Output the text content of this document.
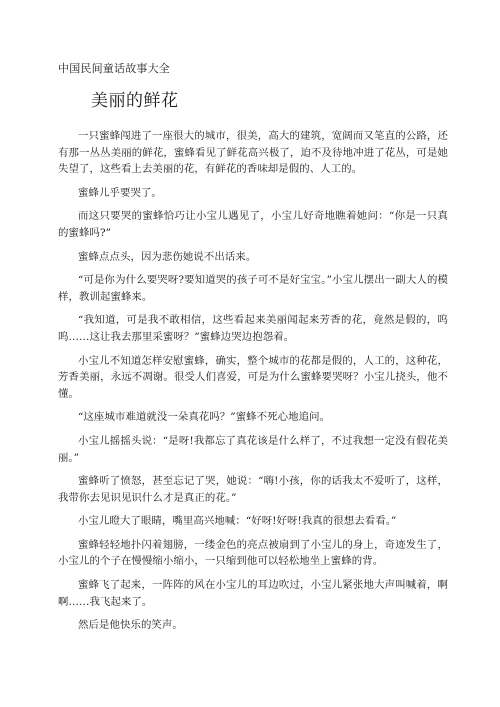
中国民间童话故事大全
美丽的鲜花

一只蜜蜂闯进了一座很大的城市，很美，高大的建筑，宽阔而又笔直的公路，还有那一丛丛美丽的鲜花，蜜蜂看见了鲜花高兴极了，迫不及待地冲进了花丛，可是她失望了，这些看上去美丽的花，有鲜花的香味却是假的、人工的。

蜜蜂儿乎要哭了。

而这只要哭的蜜蜂恰巧让小宝儿遇见了，小宝儿好奇地瞧着她问：“你是一只真的蜜蜂吗?”

蜜蜂点点头，因为悲伤她说不出话来。

“可是你为什么要哭呀?要知道哭的孩子可不是好宝宝。”小宝儿摆出一副大人的模样，教训起蜜蜂来。

“我知道，可是我不敢相信，这些看起来美丽闻起来芳香的花，竟然是假的，呜呜……这让我去那里采蜜呀？”蜜蜂边哭边抱怨着。

小宝儿不知道怎样安慰蜜蜂，确实，整个城市的花都是假的，人工的，这种花，芳香美丽，永远不凋谢。很受人们喜爱，可是为什么蜜蜂要哭呀？小宝儿挠头，他不懂。

“这座城市难道就没一朵真花吗？”蜜蜂不死心地追问。

小宝儿摇摇头说：“是呀!我都忘了真花该是什么样了，不过我想一定没有假花美丽。”

蜜蜂听了愤怒，甚至忘记了哭，她说：“嗨!小孩，你的话我太不爱听了，这样，我带你去见识见识什么才是真正的花。”

小宝儿瞪大了眼睛，嘴里高兴地喊：“好呀!好呀!我真的很想去看看。”

蜜蜂轻轻地扑闪着翅膀，一缕金色的亮点被扇到了小宝儿的身上，奇迹发生了，小宝儿的个子在慢慢缩小缩小，一只缩到他可以轻松地坐上蜜蜂的背。

蜜蜂飞了起来，一阵阵的风在小宝儿的耳边吹过，小宝儿紧张地大声叫喊着，啊啊……我飞起来了。

然后是他快乐的笑声。
